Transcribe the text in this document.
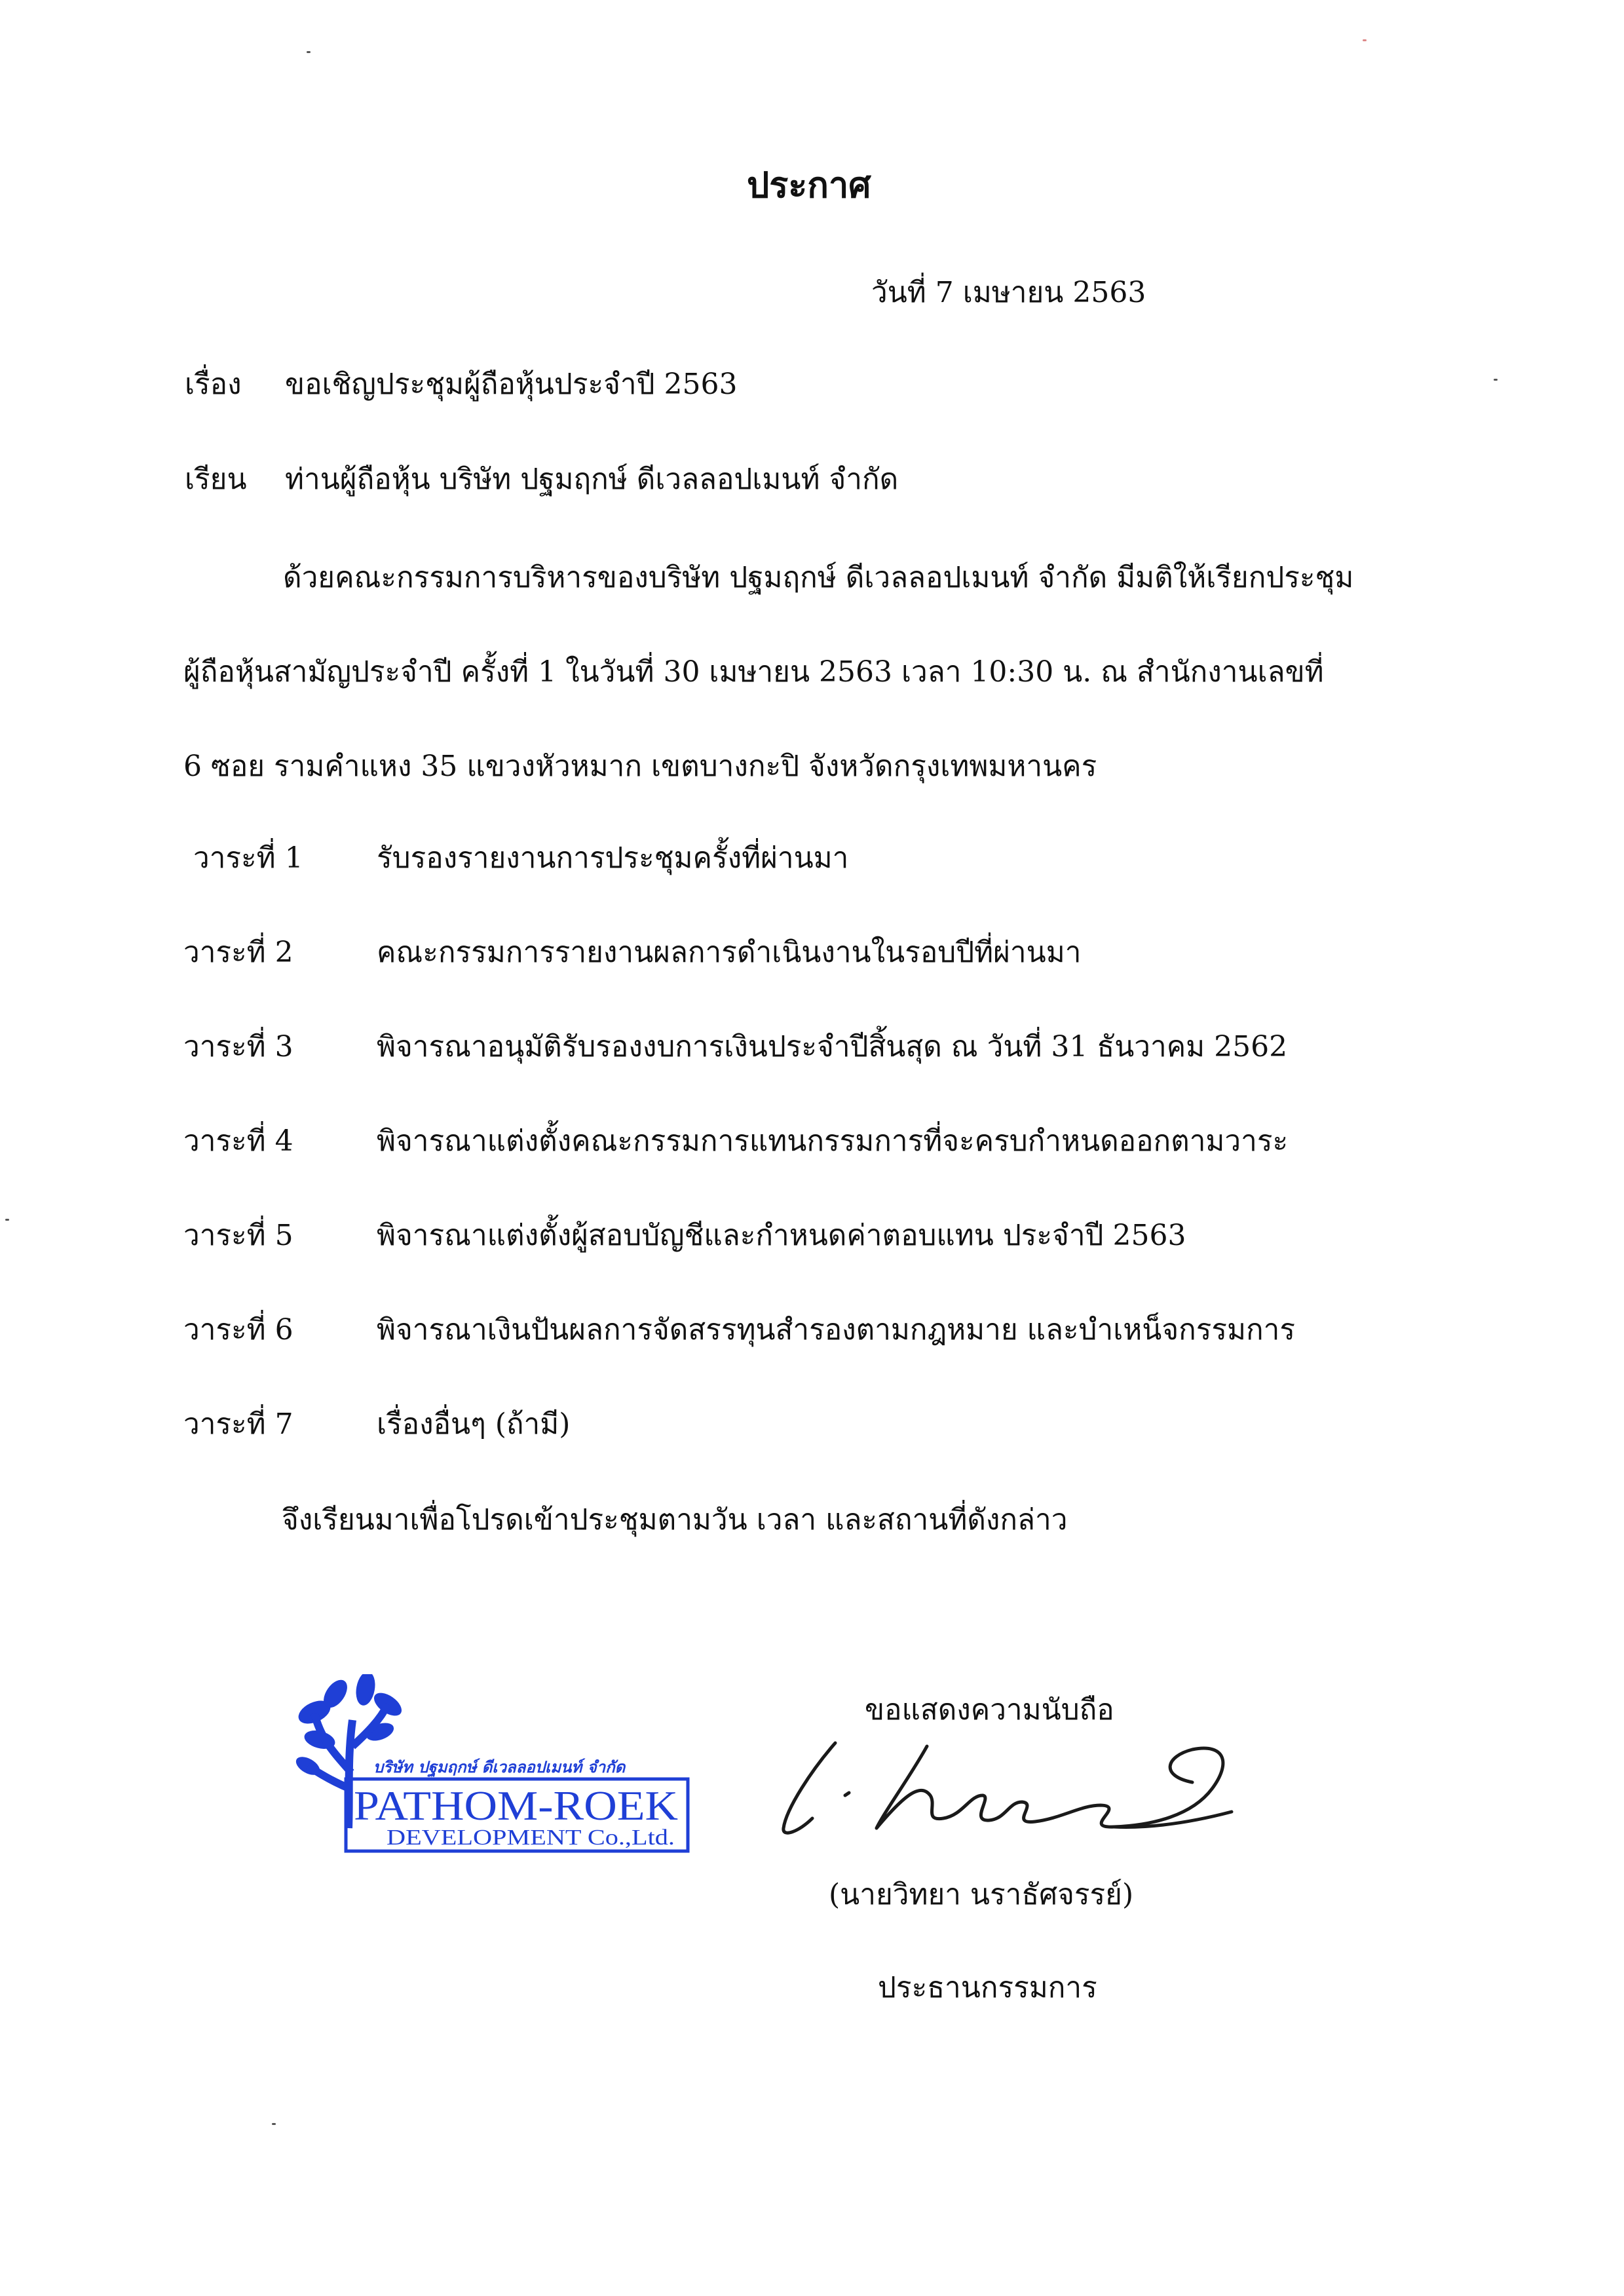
ประกาศ
วันที่ 7 เมษายน 2563
เรื่อง ขอเชิญประชุมผู้ถือหุ้นประจำปี 2563
เรียน ท่านผู้ถือหุ้น บริษัท ปฐมฤกษ์ ดีเวลลอปเมนท์ จำกัด
ด้วยคณะกรรมการบริหารของบริษัท ปฐมฤกษ์ ดีเวลลอปเมนท์ จำกัด มีมติให้เรียกประชุม
ผู้ถือหุ้นสามัญประจำปี ครั้งที่ 1 ในวันที่ 30 เมษายน 2563 เวลา 10:30 น. ณ สำนักงานเลขที่
6 ซอย รามคำแหง 35 แขวงหัวหมาก เขตบางกะปิ จังหวัดกรุงเทพมหานคร
วาระที่ 1	รับรองรายงานการประชุมครั้งที่ผ่านมา
วาระที่ 2	คณะกรรมการรายงานผลการดำเนินงานในรอบปีที่ผ่านมา
วาระที่ 3	พิจารณาอนุมัติรับรองงบการเงินประจำปีสิ้นสุด ณ วันที่ 31 ธันวาคม 2562
วาระที่ 4	พิจารณาแต่งตั้งคณะกรรมการแทนกรรมการที่จะครบกำหนดออกตามวาระ
วาระที่ 5	พิจารณาแต่งตั้งผู้สอบบัญชีและกำหนดค่าตอบแทน ประจำปี 2563
วาระที่ 6	พิจารณาเงินปันผลการจัดสรรทุนสำรองตามกฎหมาย และบำเหน็จกรรมการ
วาระที่ 7	เรื่องอื่นๆ (ถ้ามี)
จึงเรียนมาเพื่อโปรดเข้าประชุมตามวัน เวลา และสถานที่ดังกล่าว
บริษัท ปฐมฤกษ์ ดีเวลลอปเมนท์ จำกัด
PATHOM-ROEK
DEVELOPMENT Co.,Ltd.
ขอแสดงความนับถือ
(นายวิทยา นราธัศจรรย์)
ประธานกรรมการ
